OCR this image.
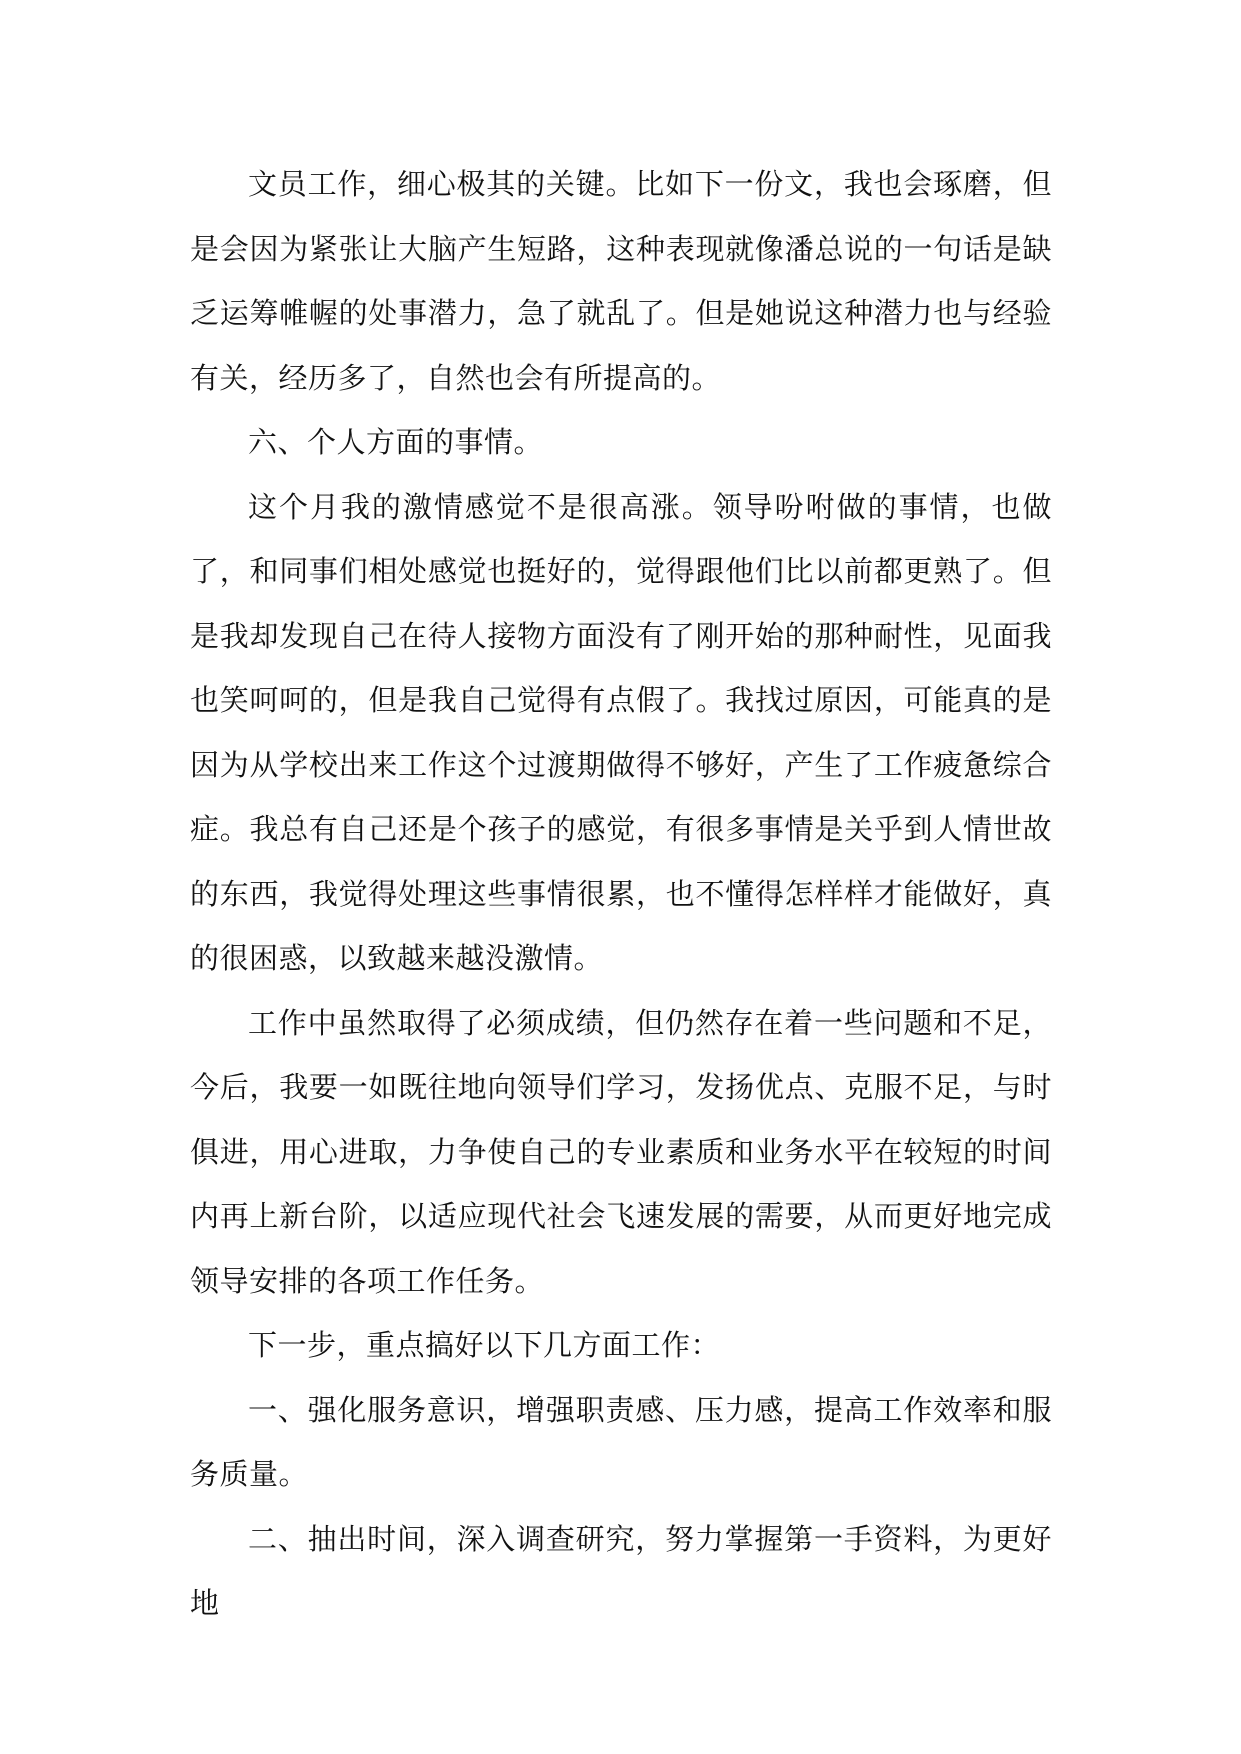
文员工作，细心极其的关键。比如下一份文，我也会琢磨，但是会因为紧张让大脑产生短路，这种表现就像潘总说的一句话是缺乏运筹帷幄的处事潜力，急了就乱了。但是她说这种潜力也与经验有关，经历多了，自然也会有所提高的。

六、个人方面的事情。

这个月我的激情感觉不是很高涨。领导吩咐做的事情，也做了，和同事们相处感觉也挺好的，觉得跟他们比以前都更熟了。但是我却发现自己在待人接物方面没有了刚开始的那种耐性，见面我也笑呵呵的，但是我自己觉得有点假了。我找过原因，可能真的是因为从学校出来工作这个过渡期做得不够好，产生了工作疲惫综合症。我总有自己还是个孩子的感觉，有很多事情是关乎到人情世故的东西，我觉得处理这些事情很累，也不懂得怎样样才能做好，真的很困惑，以致越来越没激情。

工作中虽然取得了必须成绩，但仍然存在着一些问题和不足，今后，我要一如既往地向领导们学习，发扬优点、克服不足，与时俱进，用心进取，力争使自己的专业素质和业务水平在较短的时间内再上新台阶，以适应现代社会飞速发展的需要，从而更好地完成领导安排的各项工作任务。

下一步，重点搞好以下几方面工作：

一、强化服务意识，增强职责感、压力感，提高工作效率和服务质量。

二、抽出时间，深入调查研究，努力掌握第一手资料，为更好地
